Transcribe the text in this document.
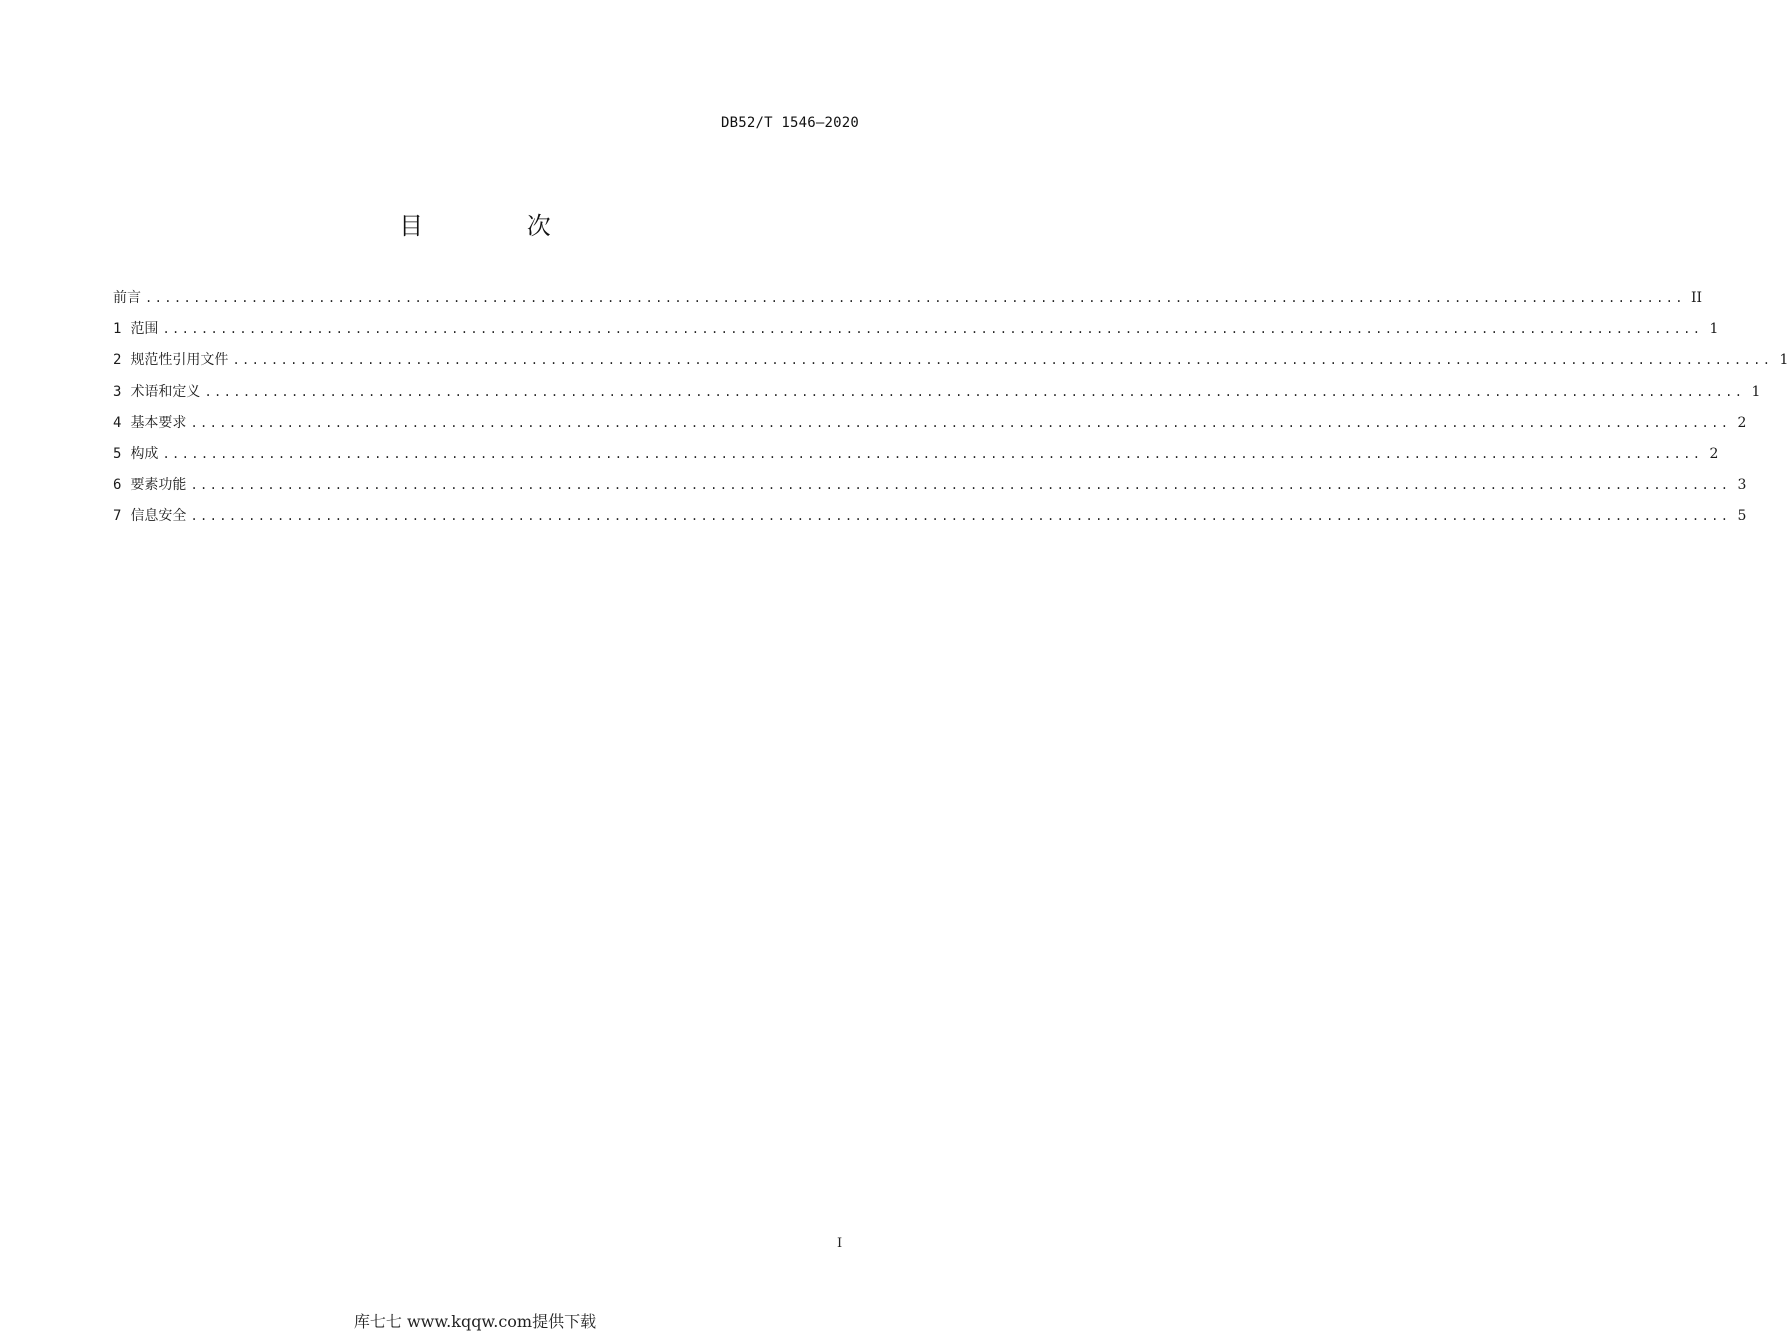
DB52/T 1546—2020
目 次
前言 ................................................................................................................................................................ II
1 范围 ................................................................................................................................................................ 1
2 规范性引用文件 ................................................................................................................................................................ 1
3 术语和定义 ................................................................................................................................................................ 1
4 基本要求 ................................................................................................................................................................ 2
5 构成 ................................................................................................................................................................ 2
6 要素功能 ................................................................................................................................................................ 3
7 信息安全 ................................................................................................................................................................ 5
I
库七七 www.kqqw.com提供下载
